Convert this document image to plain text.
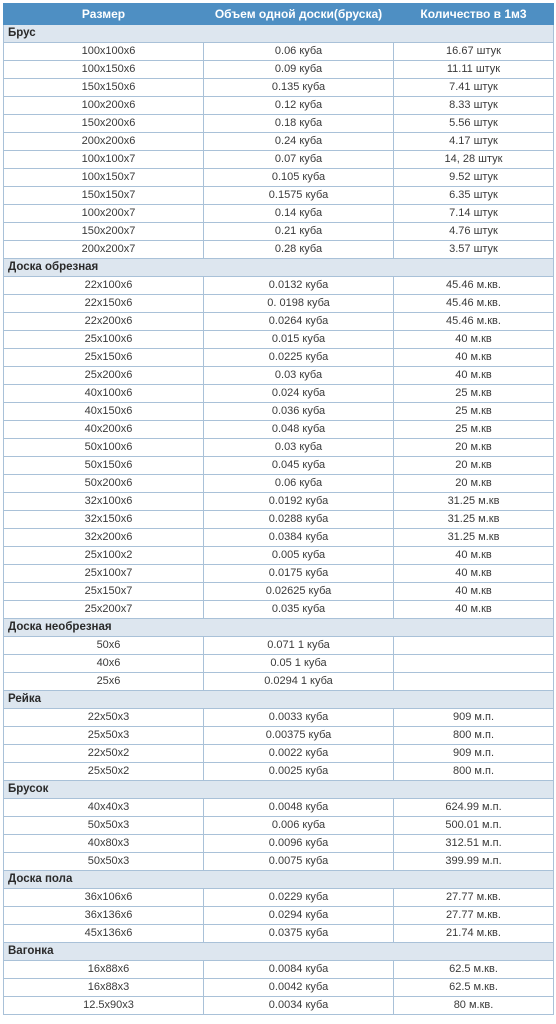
Размер	Объем одной доски(бруска)	Количество в 1м3
Брус		
100x100x6	0.06 куба	16.67 штук
100x150x6	0.09 куба	11.11 штук
150x150x6	0.135 куба	7.41 штук
100x200x6	0.12 куба	8.33 штук
150x200x6	0.18 куба	5.56 штук
200x200x6	0.24 куба	4.17 штук
100x100x7	0.07 куба	14, 28 штук
100x150x7	0.105 куба	9.52 штук
150x150x7	0.1575 куба	6.35 штук
100x200x7	0.14 куба	7.14 штук
150x200x7	0.21 куба	4.76 штук
200x200x7	0.28 куба	3.57 штук
Доска обрезная		
22x100x6	0.0132 куба	45.46 м.кв.
22x150x6	0. 0198 куба	45.46 м.кв.
22x200x6	0.0264 куба	45.46 м.кв.
25x100x6	0.015 куба	40 м.кв
25x150x6	0.0225 куба	40 м.кв
25x200x6	0.03 куба	40 м.кв
40x100x6	0.024 куба	25 м.кв
40x150x6	0.036 куба	25 м.кв
40x200x6	0.048 куба	25 м.кв
50x100x6	0.03 куба	20 м.кв
50x150x6	0.045 куба	20 м.кв
50x200x6	0.06 куба	20 м.кв
32x100x6	0.0192 куба	31.25 м.кв
32x150x6	0.0288 куба	31.25 м.кв
32x200x6	0.0384 куба	31.25 м.кв
25x100x2	0.005 куба	40 м.кв
25x100x7	0.0175 куба	40 м.кв
25x150x7	0.02625 куба	40 м.кв
25x200x7	0.035 куба	40 м.кв
Доска необрезная		
50x6	0.071 1 куба	
40x6	0.05 1 куба	
25x6	0.0294 1 куба	
Рейка		
22x50x3	0.0033 куба	909 м.п.
25x50x3	0.00375 куба	800 м.п.
22x50x2	0.0022 куба	909 м.п.
25x50x2	0.0025 куба	800 м.п.
Брусок		
40x40x3	0.0048 куба	624.99 м.п.
50x50x3	0.006 куба	500.01 м.п.
40x80x3	0.0096 куба	312.51 м.п.
50x50x3	0.0075 куба	399.99 м.п.
Доска пола		
36x106x6	0.0229 куба	27.77 м.кв.
36x136x6	0.0294 куба	27.77 м.кв.
45x136x6	0.0375 куба	21.74 м.кв.
Вагонка		
16x88x6	0.0084 куба	62.5 м.кв.
16x88x3	0.0042 куба	62.5 м.кв.
12.5x90x3	0.0034 куба	80 м.кв.
